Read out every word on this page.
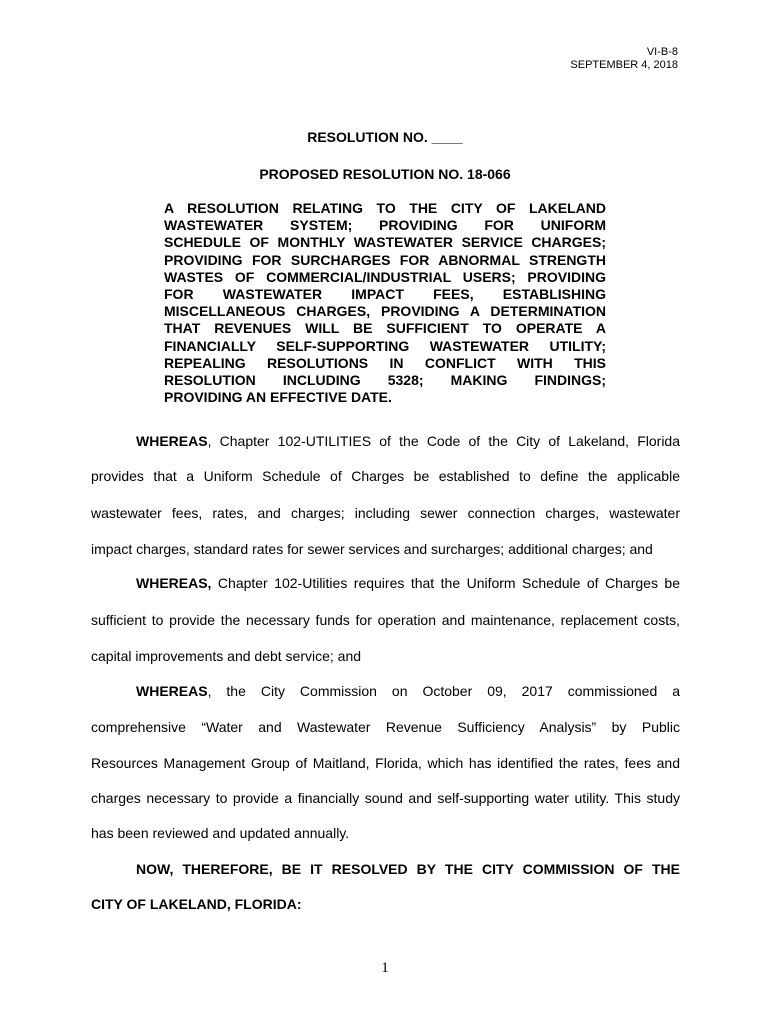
VI-B-8
SEPTEMBER 4, 2018
RESOLUTION NO. ____
PROPOSED RESOLUTION NO. 18-066
A RESOLUTION RELATING TO THE CITY OF LAKELAND
WASTEWATER SYSTEM; PROVIDING FOR UNIFORM
SCHEDULE OF MONTHLY WASTEWATER SERVICE CHARGES;
PROVIDING FOR SURCHARGES FOR ABNORMAL STRENGTH
WASTES OF COMMERCIAL/INDUSTRIAL USERS; PROVIDING
FOR WASTEWATER IMPACT FEES, ESTABLISHING
MISCELLANEOUS CHARGES, PROVIDING A DETERMINATION
THAT REVENUES WILL BE SUFFICIENT TO OPERATE A
FINANCIALLY SELF-SUPPORTING WASTEWATER UTILITY;
REPEALING RESOLUTIONS IN CONFLICT WITH THIS
RESOLUTION INCLUDING 5328; MAKING FINDINGS;
PROVIDING AN EFFECTIVE DATE.
WHEREAS, Chapter 102-UTILITIES of the Code of the City of Lakeland, Florida
provides that a Uniform Schedule of Charges be established to define the applicable
wastewater fees, rates, and charges; including sewer connection charges, wastewater
impact charges, standard rates for sewer services and surcharges; additional charges; and
WHEREAS, Chapter 102-Utilities requires that the Uniform Schedule of Charges be
sufficient to provide the necessary funds for operation and maintenance, replacement costs,
capital improvements and debt service; and
WHEREAS, the City Commission on October 09, 2017 commissioned a
comprehensive “Water and Wastewater Revenue Sufficiency Analysis” by Public
Resources Management Group of Maitland, Florida, which has identified the rates, fees and
charges necessary to provide a financially sound and self-supporting water utility. This study
has been reviewed and updated annually.
NOW, THEREFORE, BE IT RESOLVED BY THE CITY COMMISSION OF THE
CITY OF LAKELAND, FLORIDA:
1
